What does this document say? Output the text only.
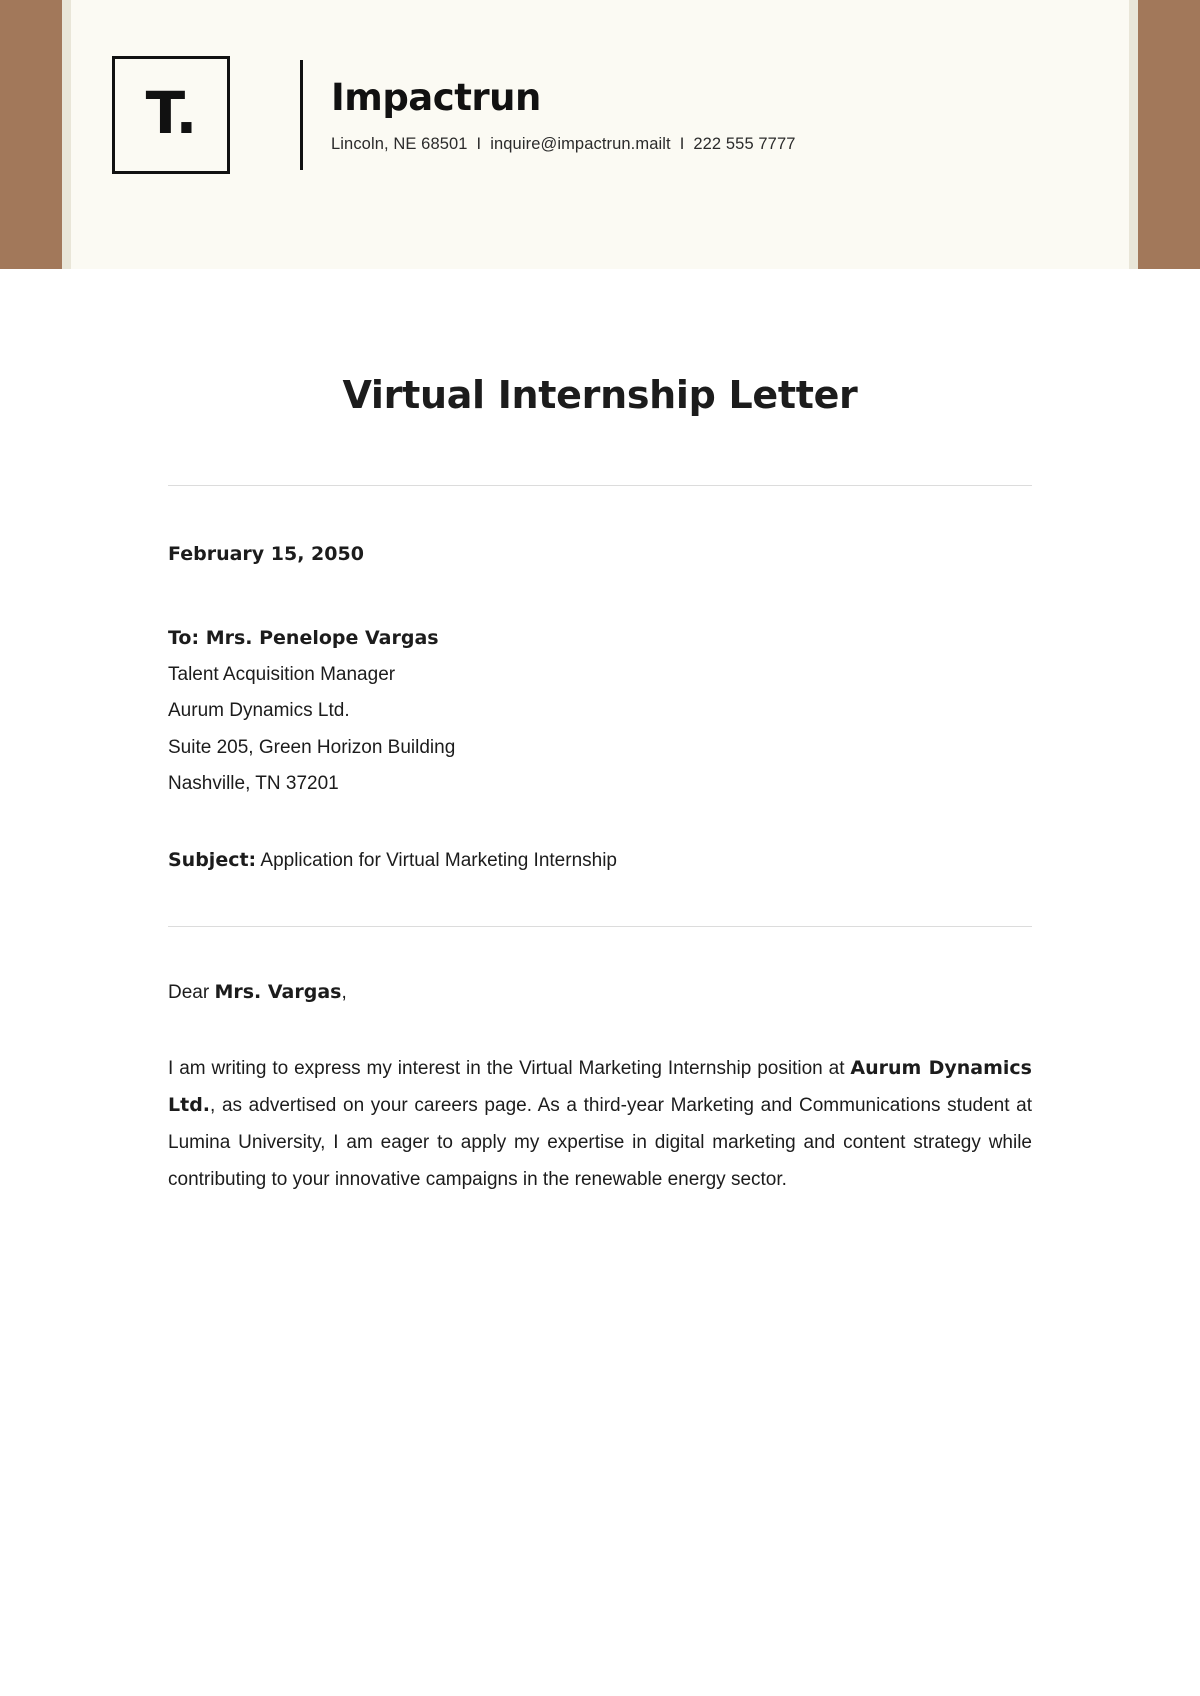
T.	Impactrun
Lincoln, NE 68501 I inquire@impactrun.mailt I 222 555 7777
Virtual Internship Letter
February 15, 2050
To: Mrs. Penelope Vargas
Talent Acquisition Manager
Aurum Dynamics Ltd.
Suite 205, Green Horizon Building
Nashville, TN 37201
Subject: Application for Virtual Marketing Internship
Dear Mrs. Vargas,
I am writing to express my interest in the Virtual Marketing Internship position at Aurum Dynamics Ltd., as advertised on your careers page. As a third-year Marketing and Communications student at Lumina University, I am eager to apply my expertise in digital marketing and content strategy while contributing to your innovative campaigns in the renewable energy sector.
